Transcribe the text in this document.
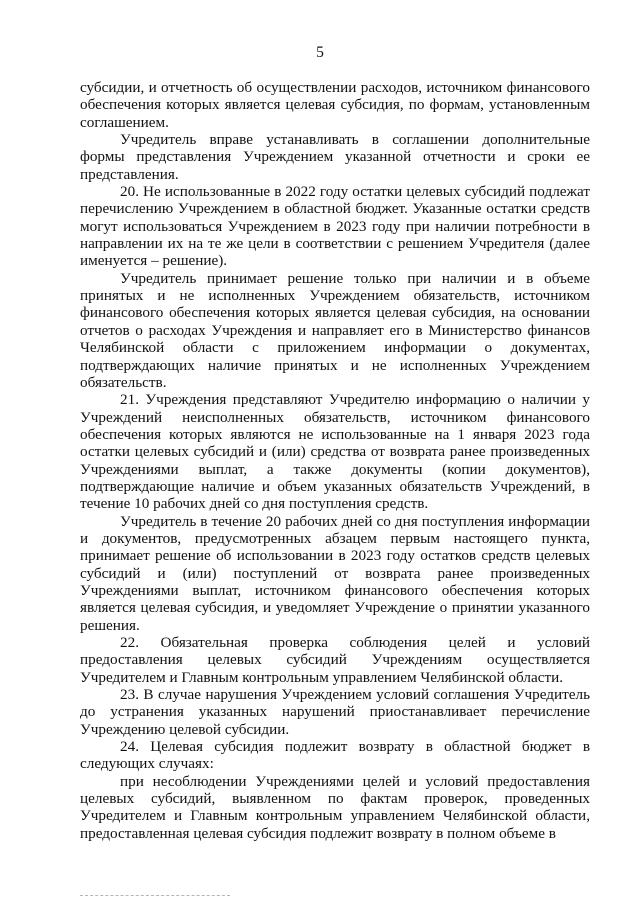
5

субсидии, и отчетность об осуществлении расходов, источником финансового обеспечения которых является целевая субсидия, по формам, установленным соглашением.

Учредитель вправе устанавливать в соглашении дополнительные формы представления Учреждением указанной отчетности и сроки ее представления.

20. Не использованные в 2022 году остатки целевых субсидий подлежат перечислению Учреждением в областной бюджет. Указанные остатки средств могут использоваться Учреждением в 2023 году при наличии потребности в направлении их на те же цели в соответствии с решением Учредителя (далее именуется – решение).

Учредитель принимает решение только при наличии и в объеме принятых и не исполненных Учреждением обязательств, источником финансового обеспечения которых является целевая субсидия, на основании отчетов о расходах Учреждения и направляет его в Министерство финансов Челябинской области с приложением информации о документах, подтверждающих наличие принятых и не исполненных Учреждением обязательств.

21. Учреждения представляют Учредителю информацию о наличии у Учреждений неисполненных обязательств, источником финансового обеспечения которых являются не использованные на 1 января 2023 года остатки целевых субсидий и (или) средства от возврата ранее произведенных Учреждениями выплат, а также документы (копии документов), подтверждающие наличие и объем указанных обязательств Учреждений, в течение 10 рабочих дней со дня поступления средств.

Учредитель в течение 20 рабочих дней со дня поступления информации и документов, предусмотренных абзацем первым настоящего пункта, принимает решение об использовании в 2023 году остатков средств целевых субсидий и (или) поступлений от возврата ранее произведенных Учреждениями выплат, источником финансового обеспечения которых является целевая субсидия, и уведомляет Учреждение о принятии указанного решения.

22. Обязательная проверка соблюдения целей и условий предоставления целевых субсидий Учреждениям осуществляется Учредителем и Главным контрольным управлением Челябинской области.

23. В случае нарушения Учреждением условий соглашения Учредитель до устранения указанных нарушений приостанавливает перечисление Учреждению целевой субсидии.

24. Целевая субсидия подлежит возврату в областной бюджет в следующих случаях:

при несоблюдении Учреждениями целей и условий предоставления целевых субсидий, выявленном по фактам проверок, проведенных Учредителем и Главным контрольным управлением Челябинской области, предоставленная целевая субсидия подлежит возврату в полном объеме в
